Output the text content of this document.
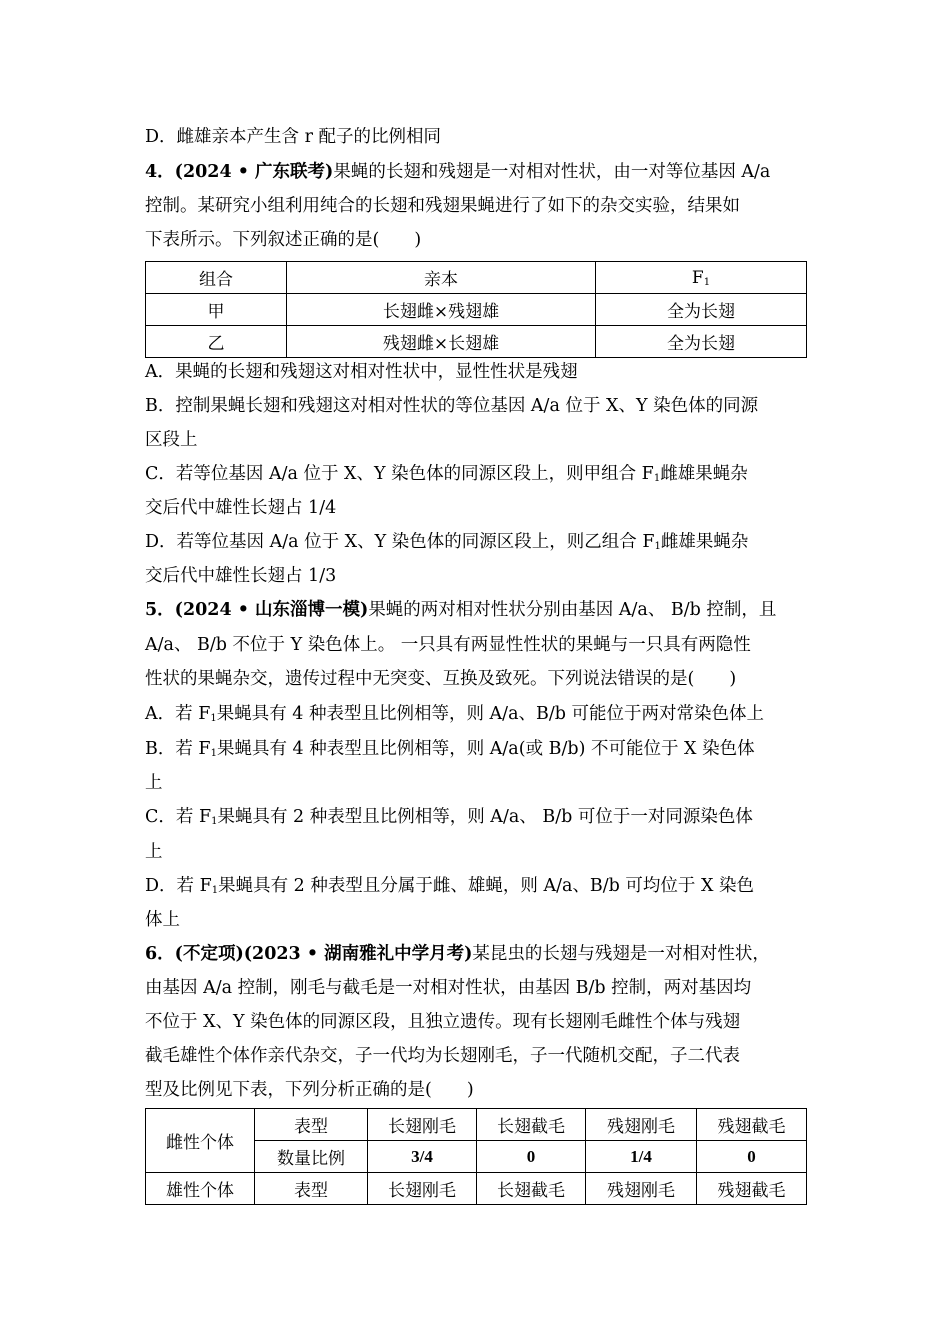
D．雌雄亲本产生含 r 配子的比例相同
4．(2024 • 广东联考)果蝇的长翅和残翅是一对相对性状，由一对等位基因 A/a
控制。某研究小组利用纯合的长翅和残翅果蝇进行了如下的杂交实验，结果如
下表所示。下列叙述正确的是(　　)
组合	亲本	$F_1$
甲	长翅雌×残翅雄	全为长翅
乙	残翅雌×长翅雄	全为长翅
A．果蝇的长翅和残翅这对相对性状中，显性性状是残翅
B．控制果蝇长翅和残翅这对相对性状的等位基因 A/a 位于 X、Y 染色体的同源
区段上
C．若等位基因 A/a 位于 X、Y 染色体的同源区段上，则甲组合 $F_1$雌雄果蝇杂
交后代中雄性长翅占 1/4
D．若等位基因 A/a 位于 X、Y 染色体的同源区段上，则乙组合 $F_1$雌雄果蝇杂
交后代中雄性长翅占 1/3
5．(2024 • 山东淄博一模)果蝇的两对相对性状分别由基因 A/a、 B/b 控制，且
A/a、 B/b 不位于 Y 染色体上。 一只具有两显性性状的果蝇与一只具有两隐性
性状的果蝇杂交，遗传过程中无突变、互换及致死。下列说法错误的是(　　)
A．若 $F_1$果蝇具有 4 种表型且比例相等，则 A/a、B/b 可能位于两对常染色体上
B．若 $F_1$果蝇具有 4 种表型且比例相等，则 A/a(或 B/b) 不可能位于 X 染色体
上
C．若 $F_1$果蝇具有 2 种表型且比例相等，则 A/a、 B/b 可位于一对同源染色体
上
D．若 $F_1$果蝇具有 2 种表型且分属于雌、雄蝇，则 A/a、B/b 可均位于 X 染色
体上
6．(不定项)(2023 • 湖南雅礼中学月考)某昆虫的长翅与残翅是一对相对性状，
由基因 A/a 控制，刚毛与截毛是一对相对性状，由基因 B/b 控制，两对基因均
不位于 X、Y 染色体的同源区段，且独立遗传。现有长翅刚毛雌性个体与残翅
截毛雄性个体作亲代杂交，子一代均为长翅刚毛，子一代随机交配，子二代表
型及比例见下表，下列分析正确的是(　　)
雌性个体	表型	长翅刚毛	长翅截毛	残翅刚毛	残翅截毛
	数量比例	3/4	0	1/4	0
雄性个体	表型	长翅刚毛	长翅截毛	残翅刚毛	残翅截毛
